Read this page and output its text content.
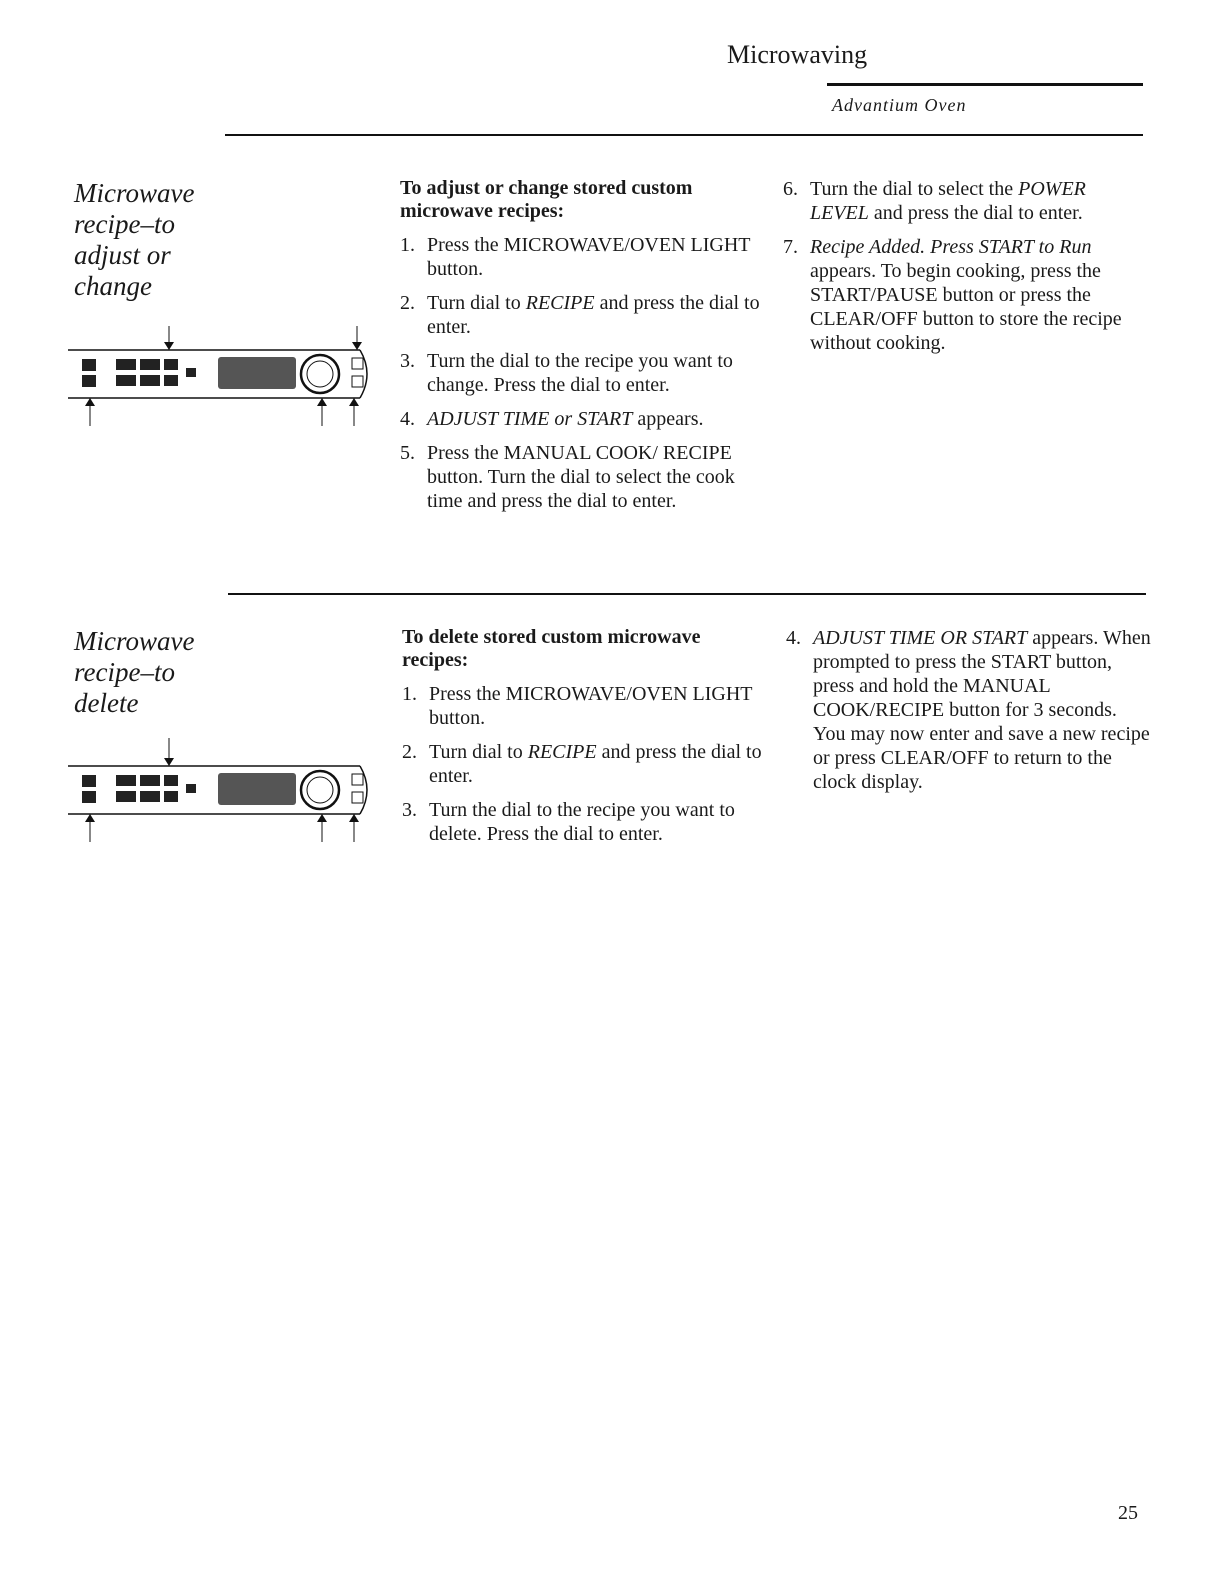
Microwaving
Advantium Oven
Microwave
recipe–to
adjust or
change
To adjust or change stored custom microwave recipes:
1. Press the MICROWAVE/OVEN LIGHT button.
2. Turn dial to RECIPE and press the dial to enter.
3. Turn the dial to the recipe you want to change. Press the dial to enter.
4. ADJUST TIME or START appears.
5. Press the MANUAL COOK/ RECIPE button. Turn the dial to select the cook time and press the dial to enter.
6. Turn the dial to select the POWER LEVEL and press the dial to enter.
7. Recipe Added. Press START to Run appears. To begin cooking, press the START/PAUSE button or press the CLEAR/OFF button to store the recipe without cooking.
Microwave
recipe–to
delete
To delete stored custom microwave recipes:
1. Press the MICROWAVE/OVEN LIGHT button.
2. Turn dial to RECIPE and press the dial to enter.
3. Turn the dial to the recipe you want to delete. Press the dial to enter.
4. ADJUST TIME OR START appears. When prompted to press the START button, press and hold the MANUAL COOK/RECIPE button for 3 seconds. You may now enter and save a new recipe or press CLEAR/OFF to return to the clock display.
25
